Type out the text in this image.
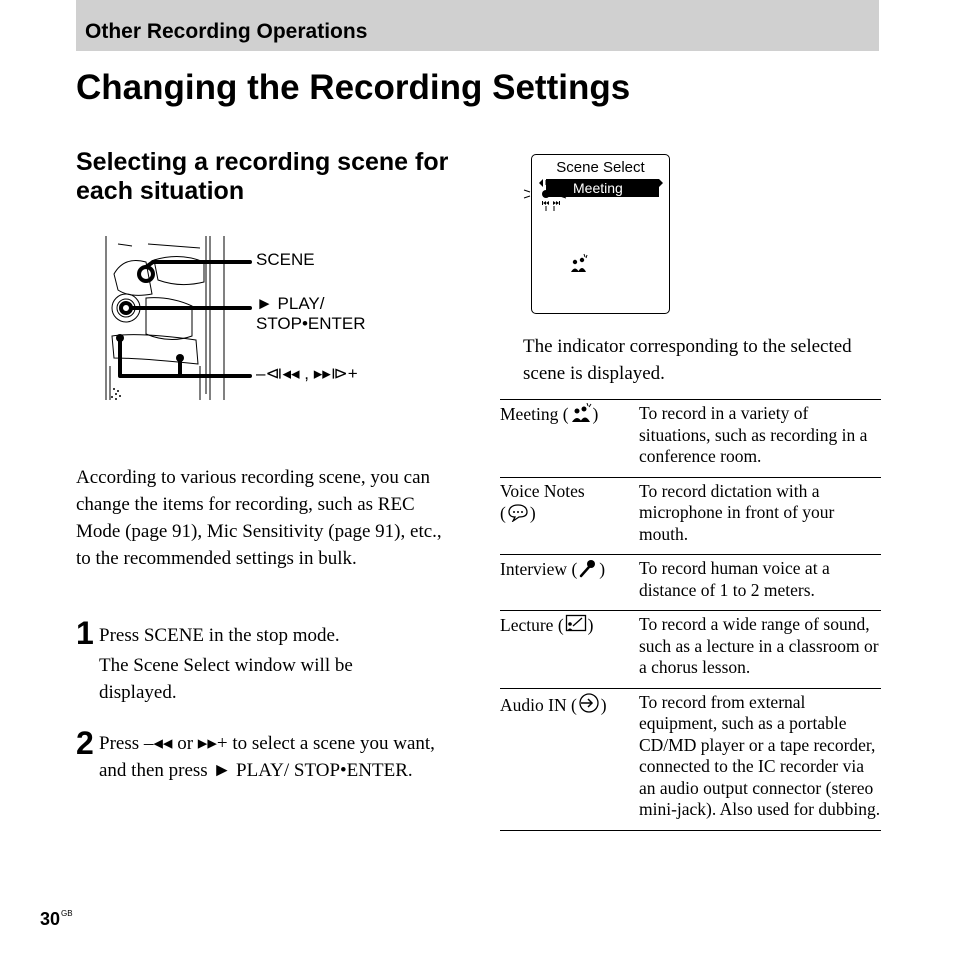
Other Recording Operations
Changing the Recording Settings
Selecting a recording scene for each situation
SCENE
► PLAY/
STOP•ENTER
–⧏◂◂ , ▸▸⧐+

According to various recording scene, you can change the items for recording, such as REC Mode (page 91), Mic Sensitivity (page 91), etc., to the recommended settings in bulk.

1 Press SCENE in the stop mode.
The Scene Select window will be displayed.
2 Press –◂◂ or ▸▸+ to select a scene you want, and then press ► PLAY/ STOP•ENTER.
Scene Select
Meeting
The indicator corresponding to the selected scene is displayed.
Meeting ( )	To record in a variety of situations, such as recording in a conference room.
Voice Notes
( )	To record dictation with a microphone in front of your mouth.
Interview ( )	To record human voice at a distance of 1 to 2 meters.
Lecture ( )	To record a wide range of sound, such as a lecture in a classroom or a chorus lesson.
Audio IN ( )	To record from external equipment, such as a portable CD/MD player or a tape recorder, connected to the IC recorder via an audio output connector (stereo mini-jack). Also used for dubbing.
$30^{GB}$
